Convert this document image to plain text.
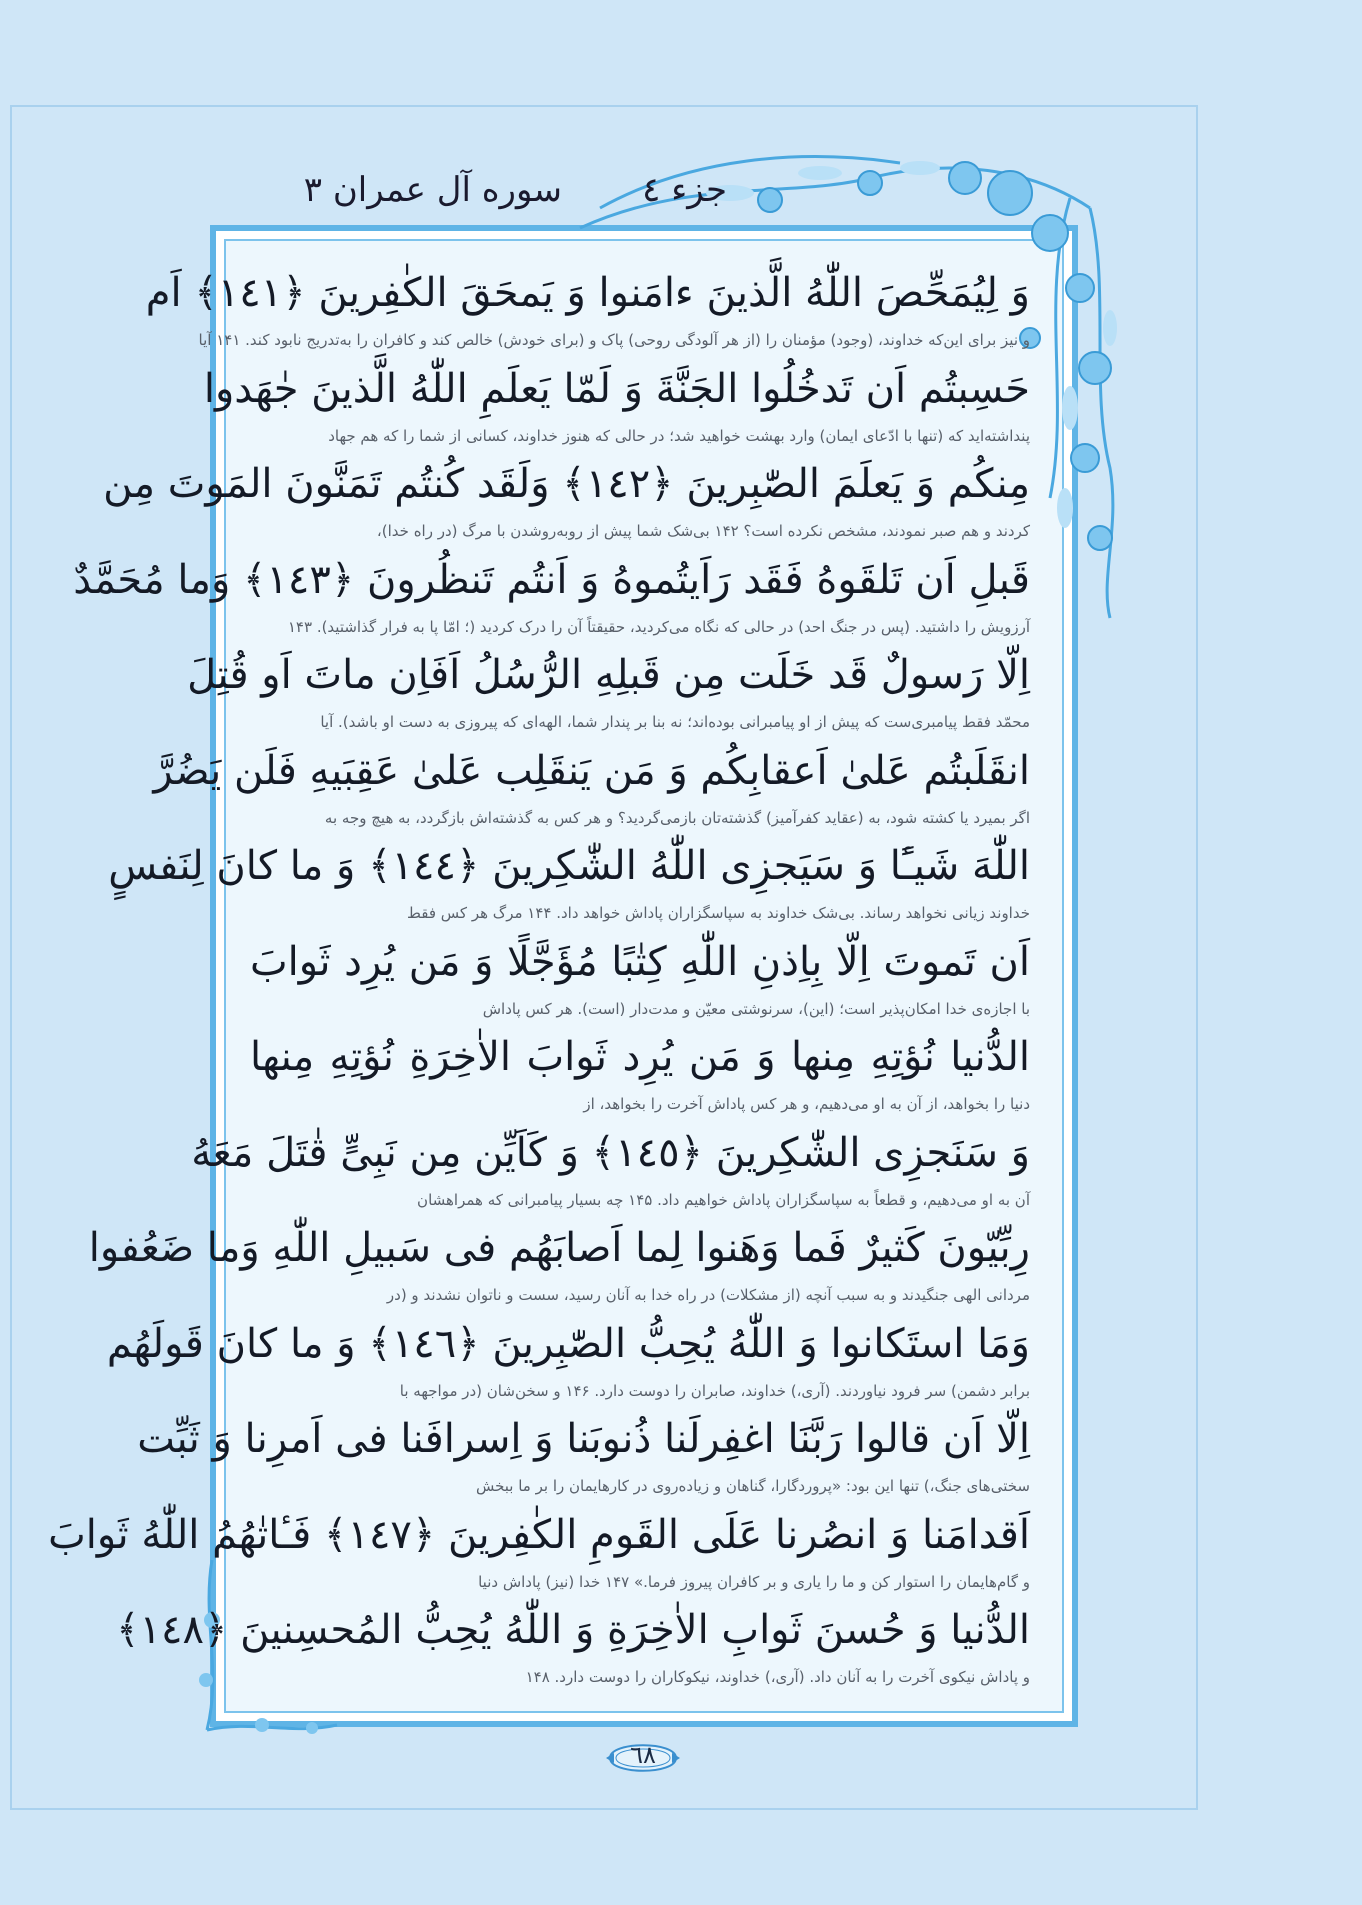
جزء ٤
سوره آل عمران ٣
وَ لِيُمَحِّصَ اللّٰهُ الَّذينَ ءامَنوا وَ يَمحَقَ الكٰفِرينَ ﴿١٤١﴾ اَم
و نیز برای این‌که خداوند، (وجود) مؤمنان را (از هر آلودگی روحی) پاک و (برای خودش) خالص کند و کافران را به‌تدریج نابود کند. ۱۴۱ آیا
حَسِبتُم اَن تَدخُلُوا الجَنَّةَ وَ لَمّا يَعلَمِ اللّٰهُ الَّذينَ جٰهَدوا
پنداشته‌اید که (تنها با ادّعای ایمان) وارد بهشت خواهید شد؛ در حالی که هنوز خداوند، کسانی از شما را که هم جهاد
مِنكُم وَ يَعلَمَ الصّٰبِرينَ ﴿١٤٢﴾ وَلَقَد كُنتُم تَمَنَّونَ المَوتَ مِن
کردند و هم صبر نمودند، مشخص نکرده است؟ ۱۴۲ بی‌شک شما پیش از روبه‌روشدن با مرگ (در راه خدا)،
قَبلِ اَن تَلقَوهُ فَقَد رَاَيتُموهُ وَ اَنتُم تَنظُرونَ ﴿١٤٣﴾ وَما مُحَمَّدٌ
آرزویش را داشتید. (پس در جنگ احد) در حالی که نگاه می‌کردید، حقیقتاً آن را درک کردید (؛ امّا پا به فرار گذاشتید). ۱۴۳
اِلّا رَسولٌ قَد خَلَت مِن قَبلِهِ الرُّسُلُ اَفَاِن ماتَ اَو قُتِلَ
محمّد فقط پیامبری‌ست که پیش از او پیامبرانی بوده‌اند؛ نه بنا بر پندار شما، الهه‌ای که پیروزی به دست او باشد). آیا
انقَلَبتُم عَلىٰ اَعقابِكُم وَ مَن يَنقَلِب عَلىٰ عَقِبَيهِ فَلَن يَضُرَّ
اگر بمیرد یا کشته شود، به (عقاید کفرآمیز) گذشته‌تان بازمی‌گردید؟ و هر کس به گذشته‌اش بازگردد، به هیچ وجه به
اللّٰهَ شَيـًٔا وَ سَيَجزِى اللّٰهُ الشّٰكِرينَ ﴿١٤٤﴾ وَ ما كانَ لِنَفسٍ
خداوند زیانی نخواهد رساند. بی‌شک خداوند به سپاسگزاران پاداش خواهد داد. ۱۴۴ مرگ هر کس فقط
اَن تَموتَ اِلّا بِاِذنِ اللّٰهِ كِتٰبًا مُؤَجَّلًا وَ مَن يُرِد ثَوابَ
با اجازه‌ی خدا امکان‌پذیر است؛ (این)، سرنوشتی معیّن و مدت‌دار (است). هر کس پاداش
الدُّنيا نُؤتِهِ مِنها وَ مَن يُرِد ثَوابَ الاٰخِرَةِ نُؤتِهِ مِنها
دنیا را بخواهد، از آن به او می‌دهیم، و هر کس پاداش آخرت را بخواهد، از
وَ سَنَجزِى الشّٰكِرينَ ﴿١٤٥﴾ وَ كَاَيِّن مِن نَبِىٍّ قٰتَلَ مَعَهُ
آن به او می‌دهیم، و قطعاً به سپاسگزاران پاداش خواهیم داد. ۱۴۵ چه بسیار پیامبرانی که همراهشان
رِبِّيّونَ كَثيرٌ فَما وَهَنوا لِما اَصابَهُم فى سَبيلِ اللّٰهِ وَما ضَعُفوا
مردانی الهی جنگیدند و به سبب آنچه (از مشکلات) در راه خدا به آنان رسید، سست و ناتوان نشدند و (در
وَمَا استَكانوا وَ اللّٰهُ يُحِبُّ الصّٰبِرينَ ﴿١٤٦﴾ وَ ما كانَ قَولَهُم
برابر دشمن) سر فرود نیاوردند. (آری،) خداوند، صابران را دوست دارد. ۱۴۶ و سخن‌شان (در مواجهه با
اِلّا اَن قالوا رَبَّنَا اغفِرلَنا ذُنوبَنا وَ اِسرافَنا فى اَمرِنا وَ ثَبِّت
سختی‌های جنگ،) تنها این بود: «پروردگارا، گناهان و زیاده‌روی در کارهایمان را بر ما ببخش
اَقدامَنا وَ انصُرنا عَلَى القَومِ الكٰفِرينَ ﴿١٤٧﴾ فَـٔاتٰهُمُ اللّٰهُ ثَوابَ
و گام‌هایمان را استوار کن و ما را یاری و بر کافران پیروز فرما.» ۱۴۷ خدا (نیز) پاداش دنیا
الدُّنيا وَ حُسنَ ثَوابِ الاٰخِرَةِ وَ اللّٰهُ يُحِبُّ المُحسِنينَ ﴿١٤٨﴾
و پاداش نیکوی آخرت را به آنان داد. (آری،) خداوند، نیکوکاران را دوست دارد. ۱۴۸
٦٨
